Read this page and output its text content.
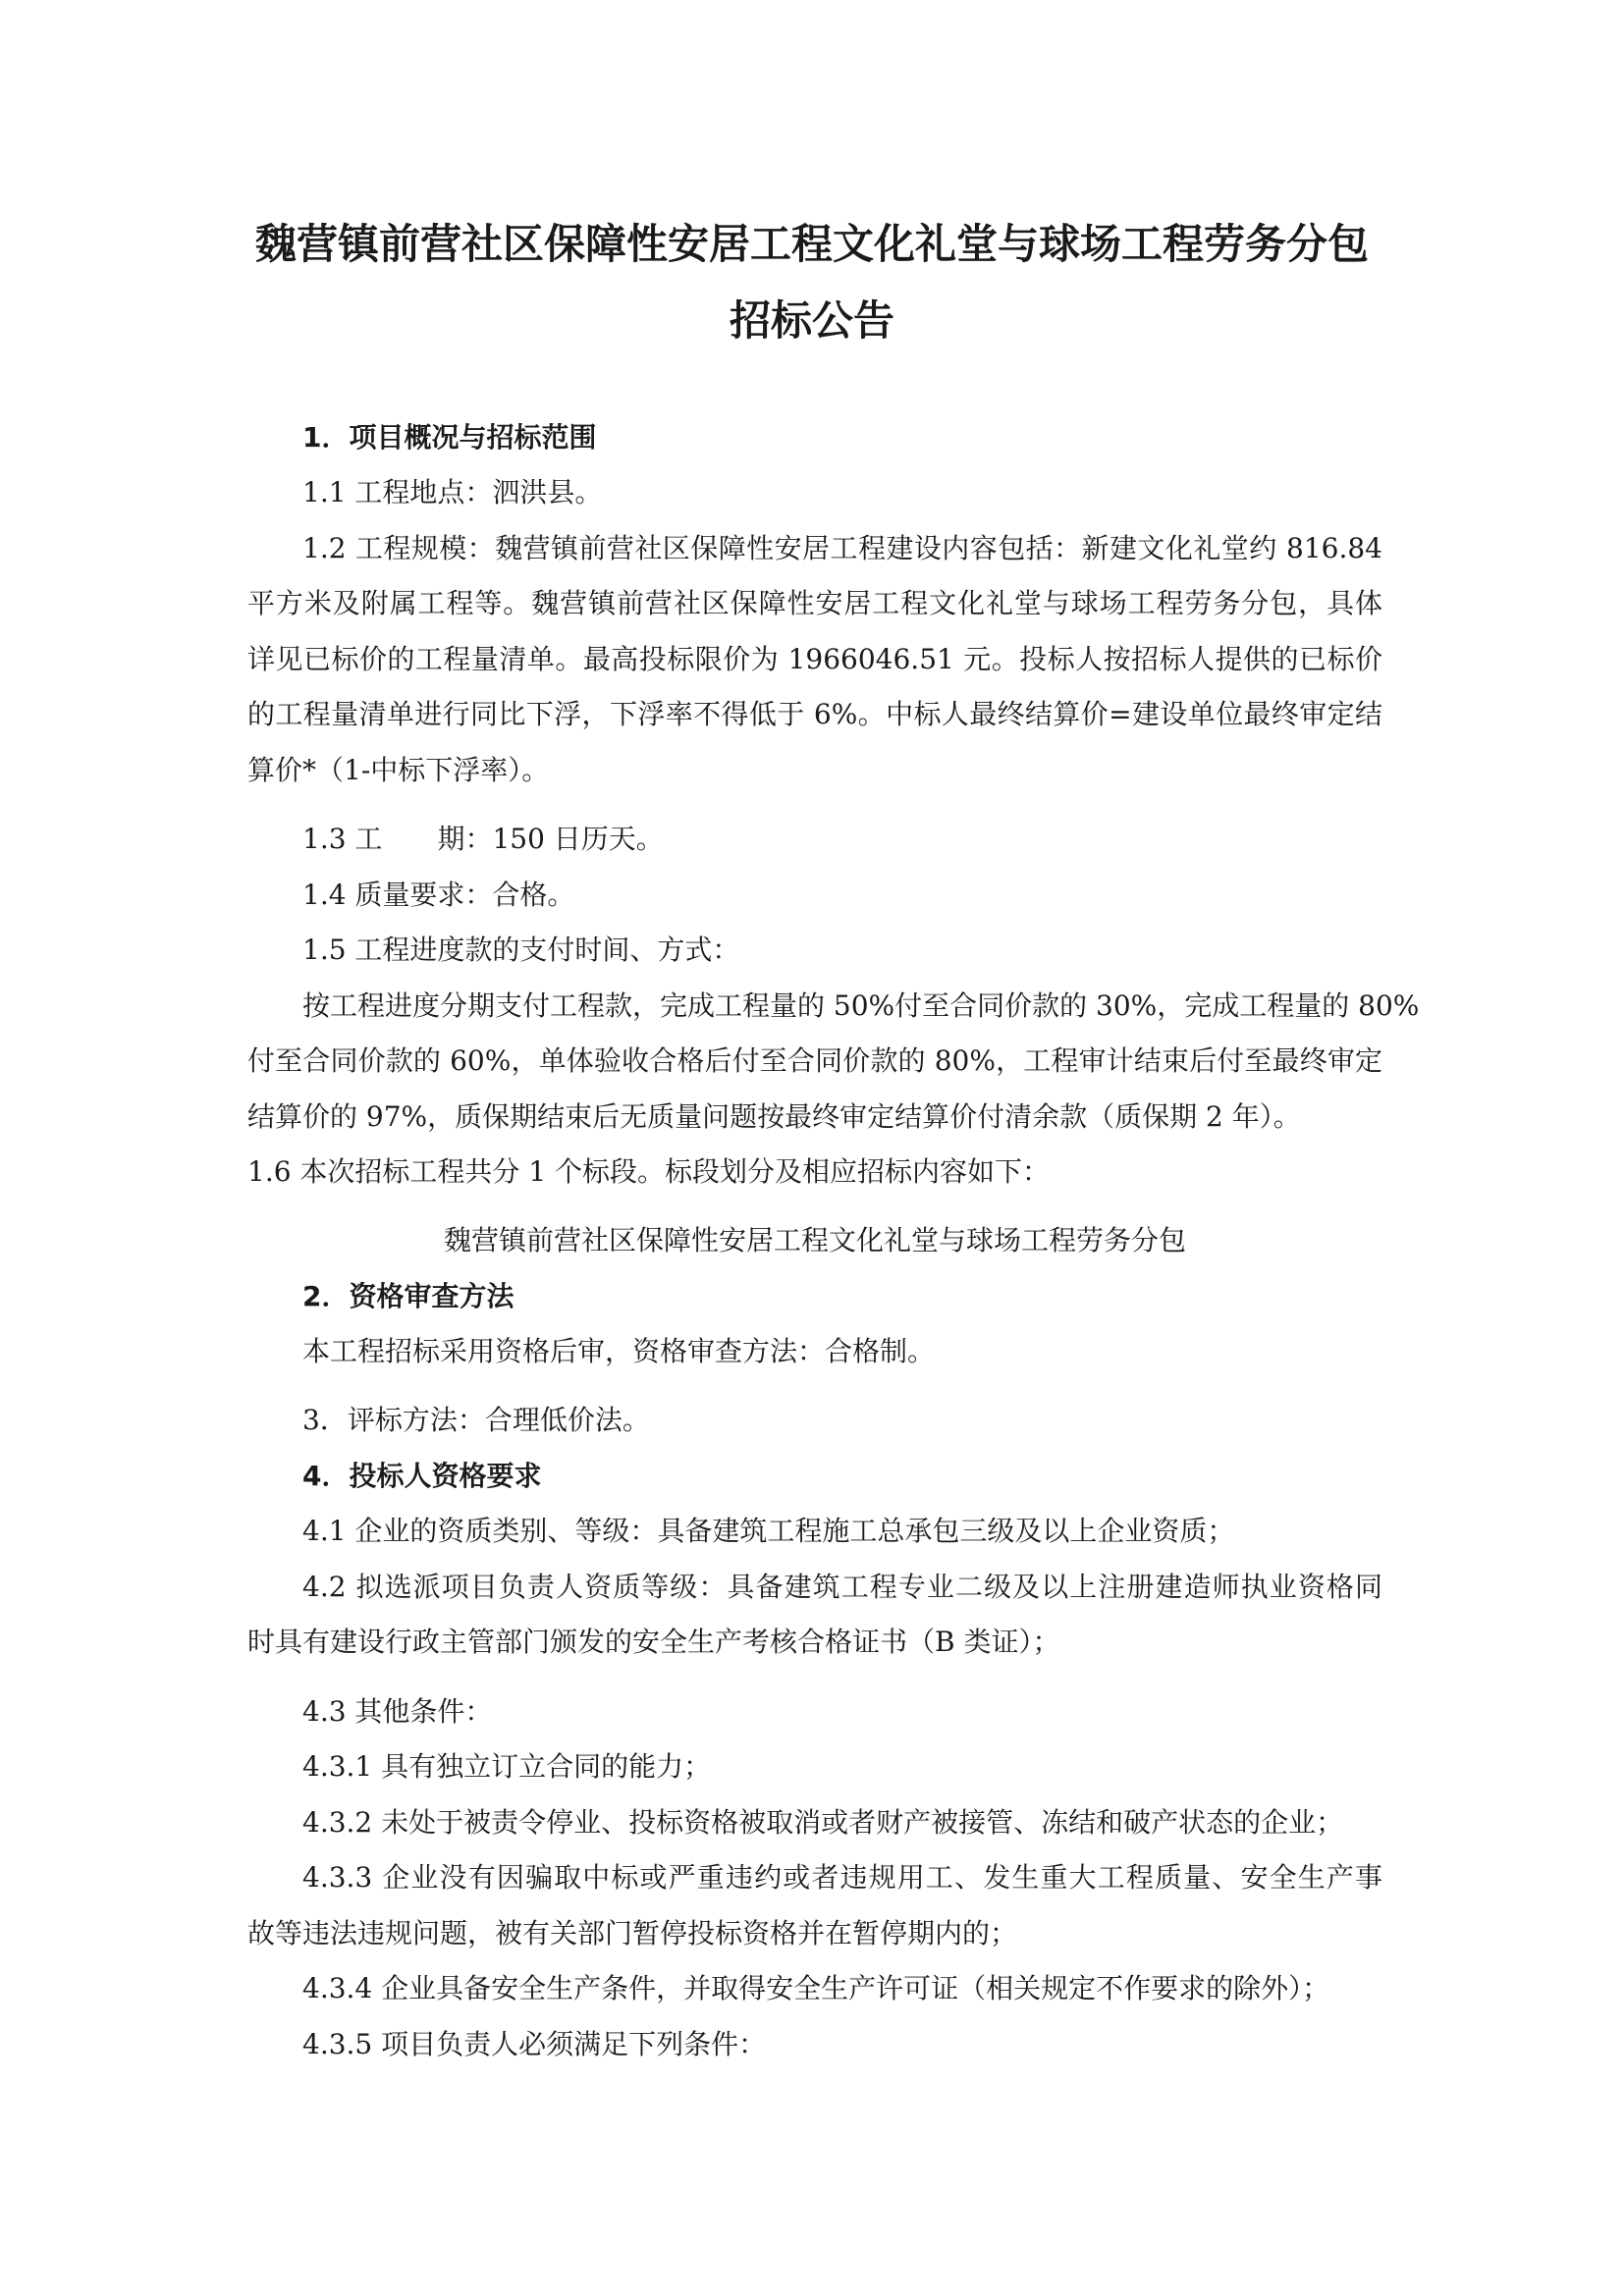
魏营镇前营社区保障性安居工程文化礼堂与球场工程劳务分包
招标公告
1．项目概况与招标范围
1.1 工程地点：泗洪县。
1.2 工程规模：魏营镇前营社区保障性安居工程建设内容包括：新建文化礼堂约 816.84
平方米及附属工程等。魏营镇前营社区保障性安居工程文化礼堂与球场工程劳务分包，具体
详见已标价的工程量清单。最高投标限价为 1966046.51 元。投标人按招标人提供的已标价
的工程量清单进行同比下浮，下浮率不得低于 6%。中标人最终结算价=建设单位最终审定结
算价*（1-中标下浮率）。
1.3 工 期：150 日历天。
1.4 质量要求：合格。
1.5 工程进度款的支付时间、方式：
按工程进度分期支付工程款，完成工程量的 50%付至合同价款的 30%，完成工程量的 80%
付至合同价款的 60%，单体验收合格后付至合同价款的 80%，工程审计结束后付至最终审定
结算价的 97%，质保期结束后无质量问题按最终审定结算价付清余款（质保期 2 年）。
1.6 本次招标工程共分 1 个标段。标段划分及相应招标内容如下：
魏营镇前营社区保障性安居工程文化礼堂与球场工程劳务分包
2．资格审查方法
本工程招标采用资格后审，资格审查方法：合格制。
3．评标方法：合理低价法。
4．投标人资格要求
4.1 企业的资质类别、等级：具备建筑工程施工总承包三级及以上企业资质；
4.2 拟选派项目负责人资质等级：具备建筑工程专业二级及以上注册建造师执业资格同
时具有建设行政主管部门颁发的安全生产考核合格证书（B 类证）；
4.3 其他条件：
4.3.1 具有独立订立合同的能力；
4.3.2 未处于被责令停业、投标资格被取消或者财产被接管、冻结和破产状态的企业；
4.3.3 企业没有因骗取中标或严重违约或者违规用工、发生重大工程质量、安全生产事
故等违法违规问题，被有关部门暂停投标资格并在暂停期内的；
4.3.4 企业具备安全生产条件，并取得安全生产许可证（相关规定不作要求的除外）；
4.3.5 项目负责人必须满足下列条件：
